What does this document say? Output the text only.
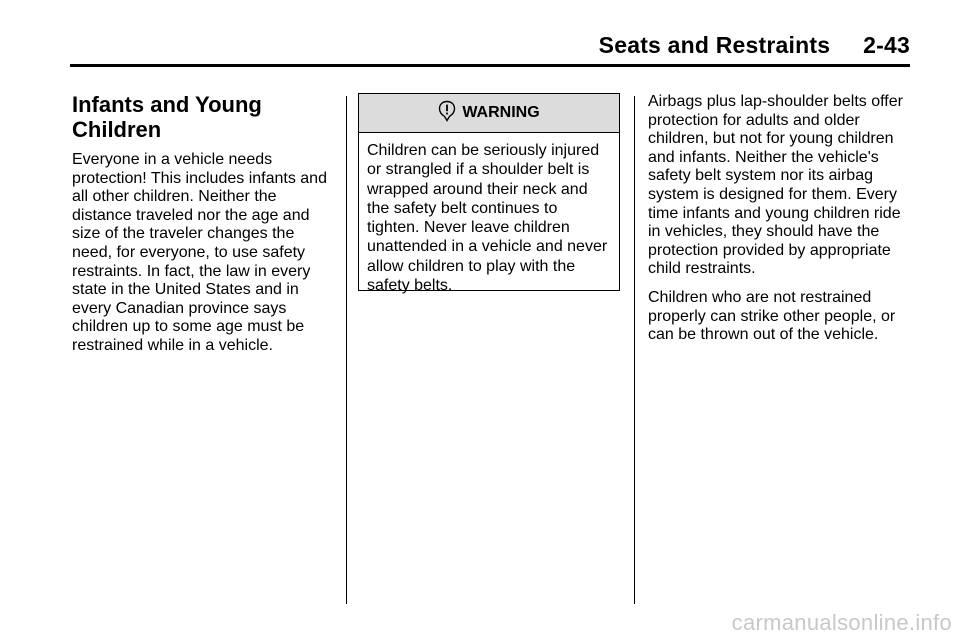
Seats and Restraints 2-43
Infants and Young
Children

Everyone in a vehicle needs protection! This includes infants and all other children. Neither the distance traveled nor the age and size of the traveler changes the need, for everyone, to use safety restraints. In fact, the law in every state in the United States and in every Canadian province says children up to some age must be restrained while in a vehicle.

WARNING

Children can be seriously injured or strangled if a shoulder belt is wrapped around their neck and the safety belt continues to tighten. Never leave children unattended in a vehicle and never allow children to play with the safety belts.

Airbags plus lap-shoulder belts offer protection for adults and older children, but not for young children and infants. Neither the vehicle's safety belt system nor its airbag system is designed for them. Every time infants and young children ride in vehicles, they should have the protection provided by appropriate child restraints.

Children who are not restrained properly can strike other people, or can be thrown out of the vehicle.

carmanualsonline.info
